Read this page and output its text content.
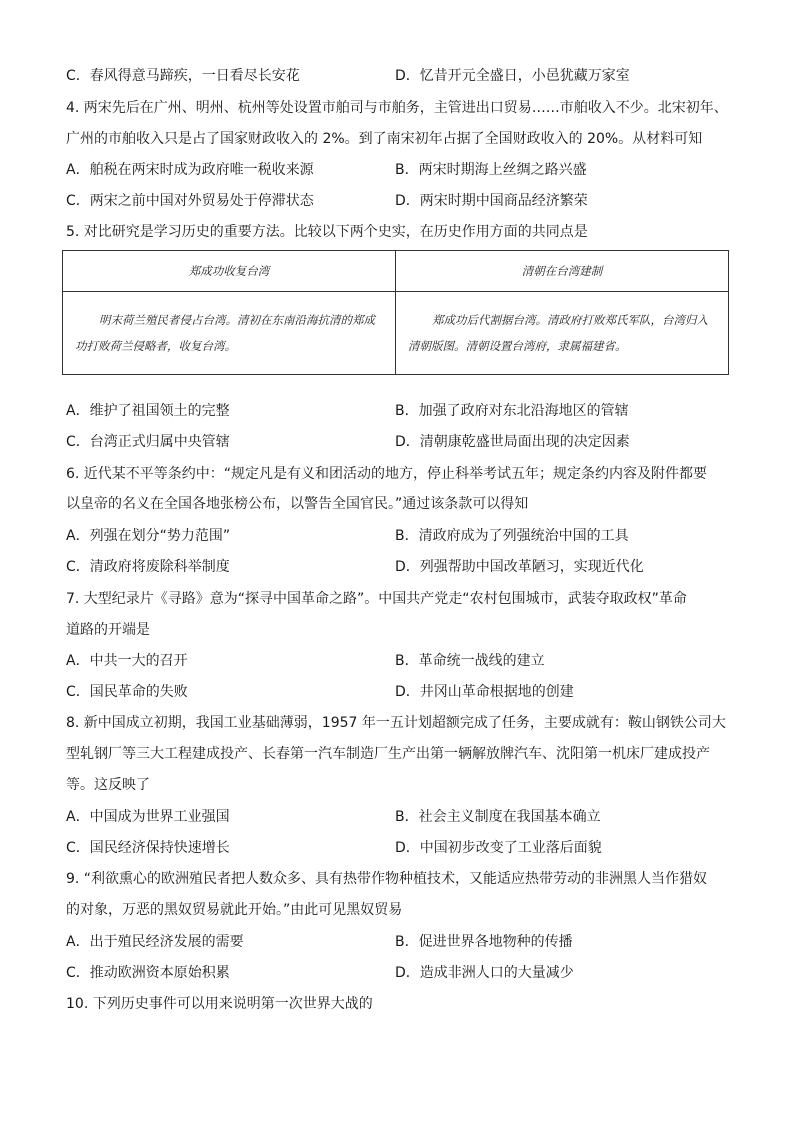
C．春风得意马蹄疾，一日看尽长安花	D．忆昔开元全盛日，小邑犹藏万家室
4. 两宋先后在广州、明州、杭州等处设置市舶司与市舶务，主管进出口贸易……市舶收入不少。北宋初年、
广州的市舶收入只是占了国家财政收入的 2%。到了南宋初年占据了全国财政收入的 20%。从材料可知
A．舶税在两宋时成为政府唯一税收来源	B．两宋时期海上丝绸之路兴盛
C．两宋之前中国对外贸易处于停滞状态	D．两宋时期中国商品经济繁荣
5. 对比研究是学习历史的重要方法。比较以下两个史实，在历史作用方面的共同点是
郑成功收复台湾	清朝在台湾建制
明末荷兰殖民者侵占台湾。清初在东南沿海抗清的郑成功打败荷兰侵略者，收复台湾。	郑成功后代割据台湾。清政府打败郑氏军队，台湾归入清朝版图。清朝设置台湾府，隶属福建省。
A．维护了祖国领土的完整	B．加强了政府对东北沿海地区的管辖
C．台湾正式归属中央管辖	D．清朝康乾盛世局面出现的决定因素
6. 近代某不平等条约中：“规定凡是有义和团活动的地方，停止科举考试五年；规定条约内容及附件都要
以皇帝的名义在全国各地张榜公布，以警告全国官民。”通过该条款可以得知
A．列强在划分“势力范围”	B．清政府成为了列强统治中国的工具
C．清政府将废除科举制度	D．列强帮助中国改革陋习，实现近代化
7. 大型纪录片《寻路》意为“探寻中国革命之路”。中国共产党走“农村包围城市，武装夺取政权”革命
道路的开端是
A．中共一大的召开	B．革命统一战线的建立
C．国民革命的失败	D．井冈山革命根据地的创建
8. 新中国成立初期，我国工业基础薄弱，1957 年一五计划超额完成了任务，主要成就有：鞍山钢铁公司大
型轧钢厂等三大工程建成投产、长春第一汽车制造厂生产出第一辆解放牌汽车、沈阳第一机床厂建成投产
等。这反映了
A．中国成为世界工业强国	B．社会主义制度在我国基本确立
C．国民经济保持快速增长	D．中国初步改变了工业落后面貌
9. “利欲熏心的欧洲殖民者把人数众多、具有热带作物种植技术，又能适应热带劳动的非洲黑人当作猎奴
的对象，万恶的黑奴贸易就此开始。”由此可见黑奴贸易
A．出于殖民经济发展的需要	B．促进世界各地物种的传播
C．推动欧洲资本原始积累	D．造成非洲人口的大量减少
10. 下列历史事件可以用来说明第一次世界大战的
